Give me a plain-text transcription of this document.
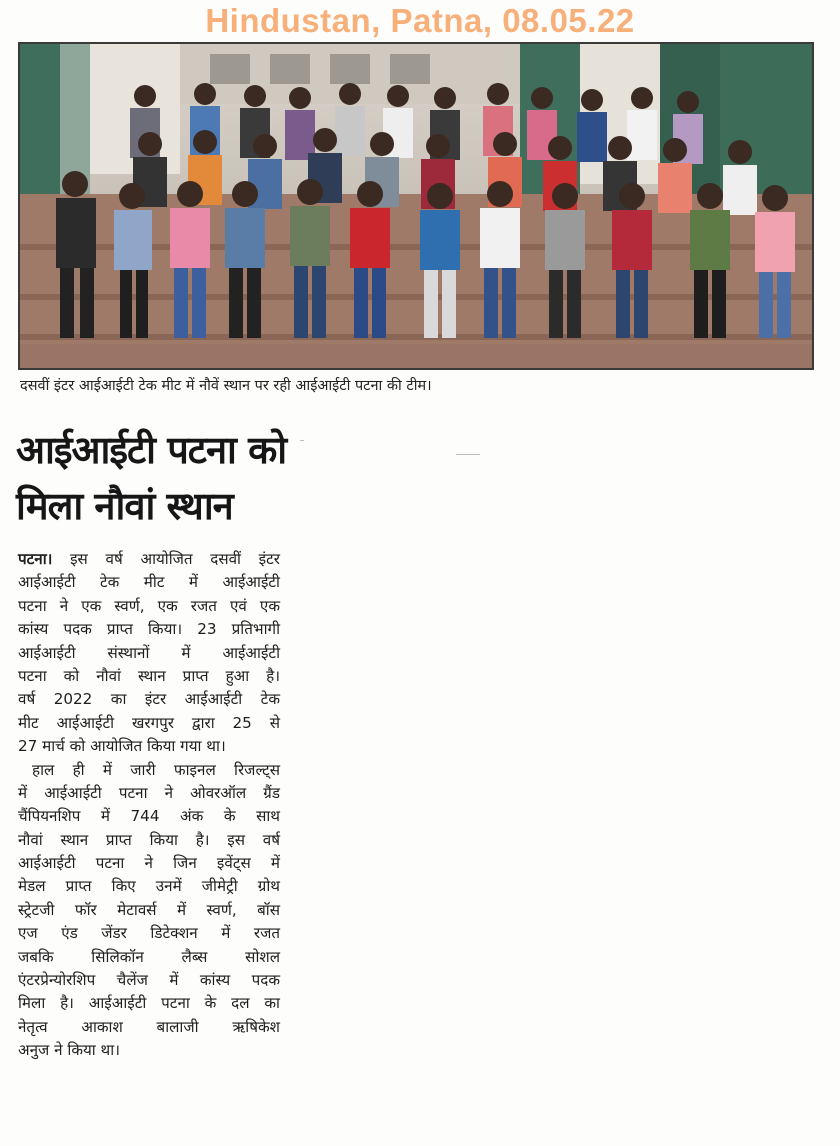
Hindustan, Patna, 08.05.22
दसवीं इंटर आईआईटी टेक मीट में नौवें स्थान पर रही आईआईटी पटना की टीम।
आईआईटी पटना को
मिला नौवां स्थान
पटना। इस वर्ष आयोजित दसवीं इंटर
आईआईटी टेक मीट में आईआईटी
पटना ने एक स्वर्ण, एक रजत एवं एक
कांस्य पदक प्राप्त किया। 23 प्रतिभागी
आईआईटी संस्थानों में आईआईटी
पटना को नौवां स्थान प्राप्त हुआ है।
वर्ष 2022 का इंटर आईआईटी टेक
मीट आईआईटी खरगपुर द्वारा 25 से
27 मार्च को आयोजित किया गया था।
हाल ही में जारी फाइनल रिजल्ट्स
में आईआईटी पटना ने ओवरऑल ग्रैंड
चैंपियनशिप में 744 अंक के साथ
नौवां स्थान प्राप्त किया है। इस वर्ष
आईआईटी पटना ने जिन इवेंट्स में
मेडल प्राप्त किए उनमें जीमेट्री ग्रोथ
स्ट्रेटजी फॉर मेटावर्स में स्वर्ण, बॉस
एज एंड जेंडर डिटेक्शन में रजत
जबकि सिलिकॉन लैब्स सोशल
एंटरप्रेन्योरशिप चैलेंज में कांस्य पदक
मिला है। आईआईटी पटना के दल का
नेतृत्व आकाश बालाजी ऋषिकेश
अनुज ने किया था।
